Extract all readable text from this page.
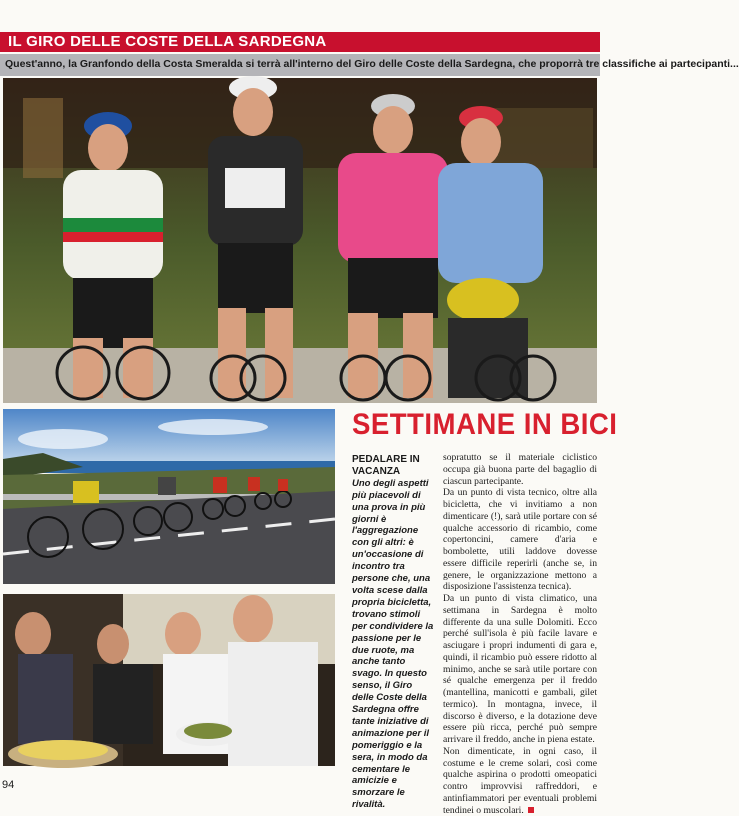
IL GIRO DELLE COSTE DELLA SARDEGNA
Quest'anno, la Granfondo della Costa Smeralda si terrà all'interno del Giro delle Coste della Sardegna, che proporrà tre classifiche ai partecipanti...
SETTIMANE IN BICI
PEDALARE IN VACANZA
Uno degli aspetti più piacevoli di una prova in più giorni è l'aggregazione con gli altri: è un'occasione di incontro tra persone che, una volta scese dalla propria bicicletta, trovano stimoli per condividere la passione per le due ruote, ma anche tanto svago. In questo senso, il Giro delle Coste della Sardegna offre tante iniziative di animazione per il pomeriggio e la sera, in modo da cementare le amicizie e smorzare le rivalità.

sopratutto se il materiale ciclistico occupa già buona parte del bagaglio di ciascun partecipante.

Da un punto di vista tecnico, oltre alla bicicletta, che vi invitiamo a non dimenticare (!), sarà utile portare con sé qualche accessorio di ricambio, come copertoncini, camere d'aria e bombolette, utili laddove dovesse essere difficile reperirli (anche se, in genere, le organizzazione mettono a disposizione l'assistenza tecnica).

Da un punto di vista climatico, una settimana in Sardegna è molto differente da una sulle Dolomiti. Ecco perché sull'isola è più facile lavare e asciugare i propri indumenti di gara e, quindi, il ricambio può essere ridotto al minimo, anche se sarà utile portare con sé qualche emergenza per il freddo (mantellina, manicotti e gambali, gilet termico). In montagna, invece, il discorso è diverso, e la dotazione deve essere più ricca, perché può sempre arrivare il freddo, anche in piena estate.

Non dimenticate, in ogni caso, il costume e le creme solari, così come qualche aspirina o prodotti omeopatici contro improvvisi raffreddori, e antinfiammatori per eventuali problemi tendinei o muscolari.

94
